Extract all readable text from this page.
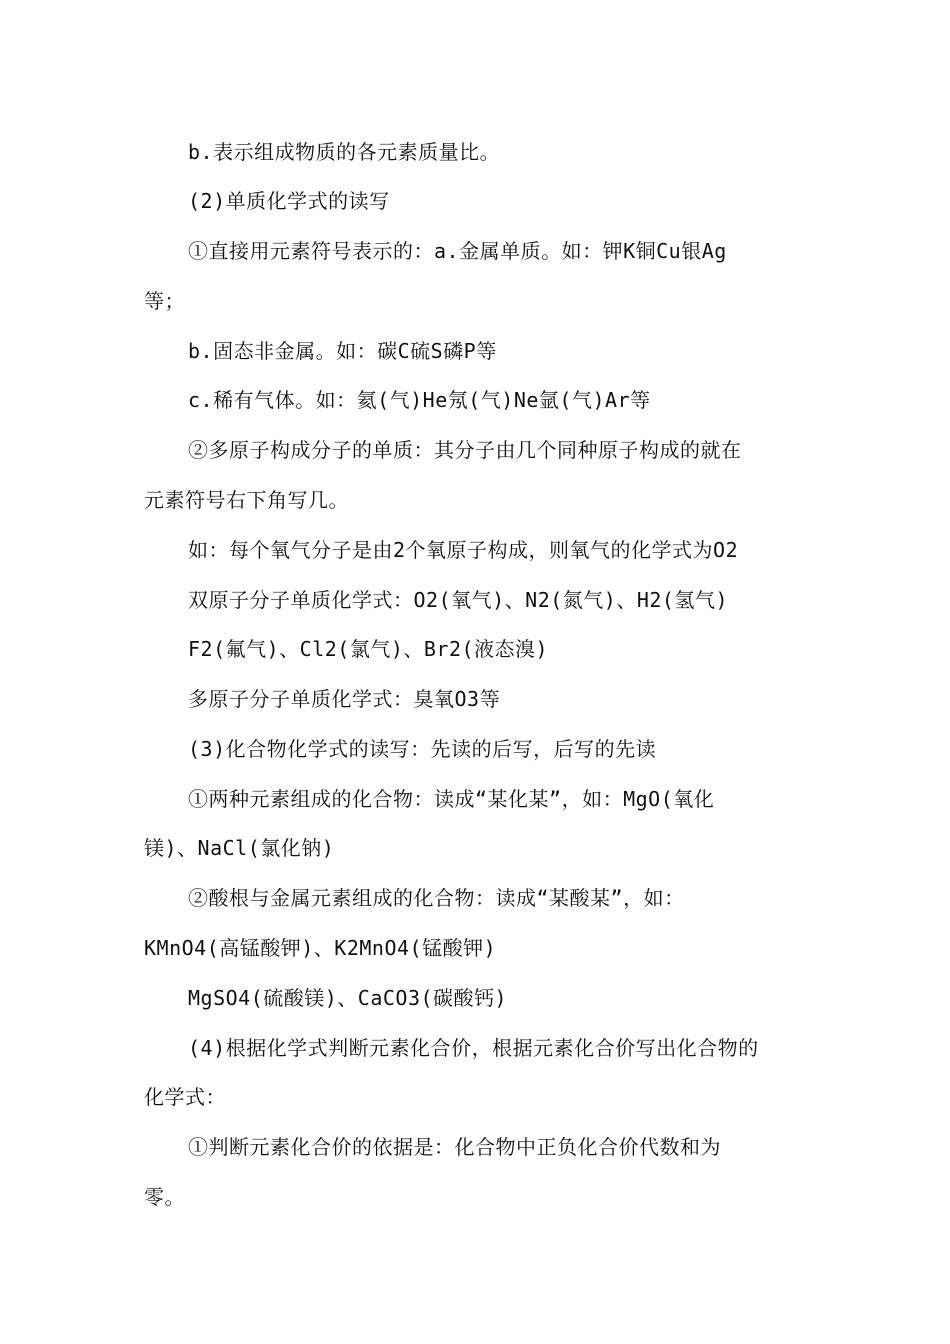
b.表示组成物质的各元素质量比。
(2)单质化学式的读写
①直接用元素符号表示的：a.金属单质。如：钾K铜Cu银Ag
等；
b.固态非金属。如：碳C硫S磷P等
c.稀有气体。如：氦(气)He氖(气)Ne氩(气)Ar等
②多原子构成分子的单质：其分子由几个同种原子构成的就在
元素符号右下角写几。
如：每个氧气分子是由2个氧原子构成，则氧气的化学式为O2
双原子分子单质化学式：O2(氧气)、N2(氮气)、H2(氢气)
F2(氟气)、Cl2(氯气)、Br2(液态溴)
多原子分子单质化学式：臭氧O3等
(3)化合物化学式的读写：先读的后写，后写的先读
①两种元素组成的化合物：读成“某化某”，如：MgO(氧化
镁)、NaCl(氯化钠)
②酸根与金属元素组成的化合物：读成“某酸某”，如：
KMnO4(高锰酸钾)、K2MnO4(锰酸钾)
MgSO4(硫酸镁)、CaCO3(碳酸钙)
(4)根据化学式判断元素化合价，根据元素化合价写出化合物的
化学式：
①判断元素化合价的依据是：化合物中正负化合价代数和为
零。
